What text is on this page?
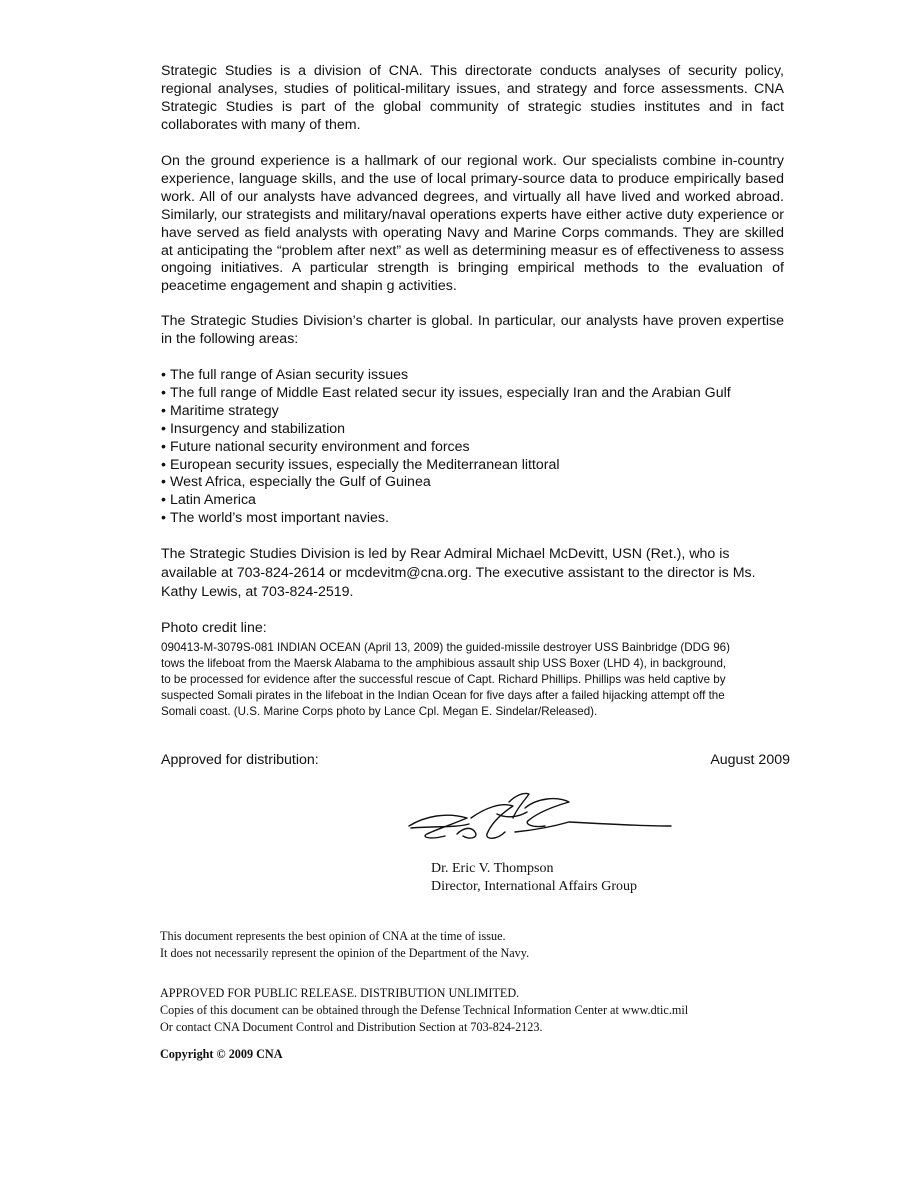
Strategic Studies is a division of CNA. This directorate conducts analyses of security policy, regional analyses, studies of political-military issues, and strategy and force assessments. CNA Strategic Studies is part of the global community of strategic studies institutes and in fact collaborates with many of them.

On the ground experience is a hallmark of our regional work. Our specialists combine in-country experience, language skills, and the use of local primary-source data to produce empirically based work. All of our analysts have advanced degrees, and virtually all have lived and worked abroad. Similarly, our strategists and military/naval operations experts have either active duty experience or have served as field analysts with operating Navy and Marine Corps commands. They are skilled at anticipating the “problem after next” as well as determining measur es of effectiveness to assess ongoing initiatives. A particular strength is bringing empirical methods to the evaluation of peacetime engagement and shapin g activities.

The Strategic Studies Division’s charter is global. In particular, our analysts have proven expertise in the following areas:

• The full range of Asian security issues
• The full range of Middle East related secur ity issues, especially Iran and the Arabian Gulf
• Maritime strategy
• Insurgency and stabilization
• Future national security environment and forces
• European security issues, especially the Mediterranean littoral
• West Africa, especially the Gulf of Guinea
• Latin America
• The world’s most important navies.

The Strategic Studies Division is led by Rear Admiral Michael McDevitt, USN (Ret.), who is
available at 703-824-2614 or mcdevitm@cna.org. The executive assistant to the director is Ms.
Kathy Lewis, at 703-824-2519.

Photo credit line:

090413-M-3079S-081 INDIAN OCEAN (April 13, 2009) the guided-missile destroyer USS Bainbridge (DDG 96)
tows the lifeboat from the Maersk Alabama to the amphibious assault ship USS Boxer (LHD 4), in background,
to be processed for evidence after the successful rescue of Capt. Richard Phillips. Phillips was held captive by
suspected Somali pirates in the lifeboat in the Indian Ocean for five days after a failed hijacking attempt off the
Somali coast. (U.S. Marine Corps photo by Lance Cpl. Megan E. Sindelar/Released).

Approved for distribution:	August 2009
Dr. Eric V. Thompson
Director, International Affairs Group

This document represents the best opinion of CNA at the time of issue.
It does not necessarily represent the opinion of the Department of the Navy.

APPROVED FOR PUBLIC RELEASE. DISTRIBUTION UNLIMITED.
Copies of this document can be obtained through the Defense Technical Information Center at www.dtic.mil
Or contact CNA Document Control and Distribution Section at 703-824-2123.

Copyright © 2009 CNA
